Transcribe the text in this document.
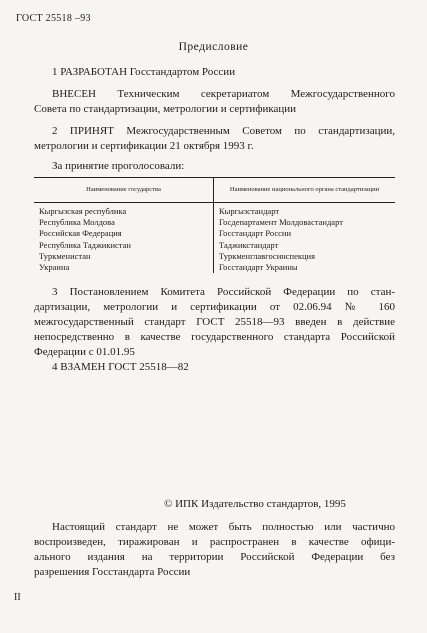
ГОСТ 25518 –93
Предисловие
1 РАЗРАБОТАН Госстандартом России
ВНЕСЕН Техническим секретариатом Межгосударственного
Совета по стандартизации, метрологии и сертификации
2 ПРИНЯТ Межгосударственным Советом по стандартизации,
метрологии и сертификации 21 октября 1993 г.
За принятие проголосовали:
Наименование государства	Наименование национального органа стандартизации
Кыргызская республика	Кыргызстандарт
Республика Молдова	Госдепартамент Молдовастандарт
Российская Федерация	Госстандарт России
Республика Таджикистан	Таджикстандарт
Туркменистан	Туркменглавгосинспекция
Украина	Госстандарт Украины
3 Постановлением Комитета Российской Федерации по стан-
дартизации, метрологии и сертификации от 02.06.94 № 160
межгосударственный стандарт ГОСТ 25518—93 введен в действие
непосредственно в качестве государственного стандарта Российской
Федерации с 01.01.95
4 ВЗАМЕН ГОСТ 25518—82
© ИПК Издательство стандартов, 1995
Настоящий стандарт не может быть полностью или частично
воспроизведен, тиражирован и распространен в качестве офици-
ального издания на территории Российской Федерации без
разрешения Госстандарта России
II
